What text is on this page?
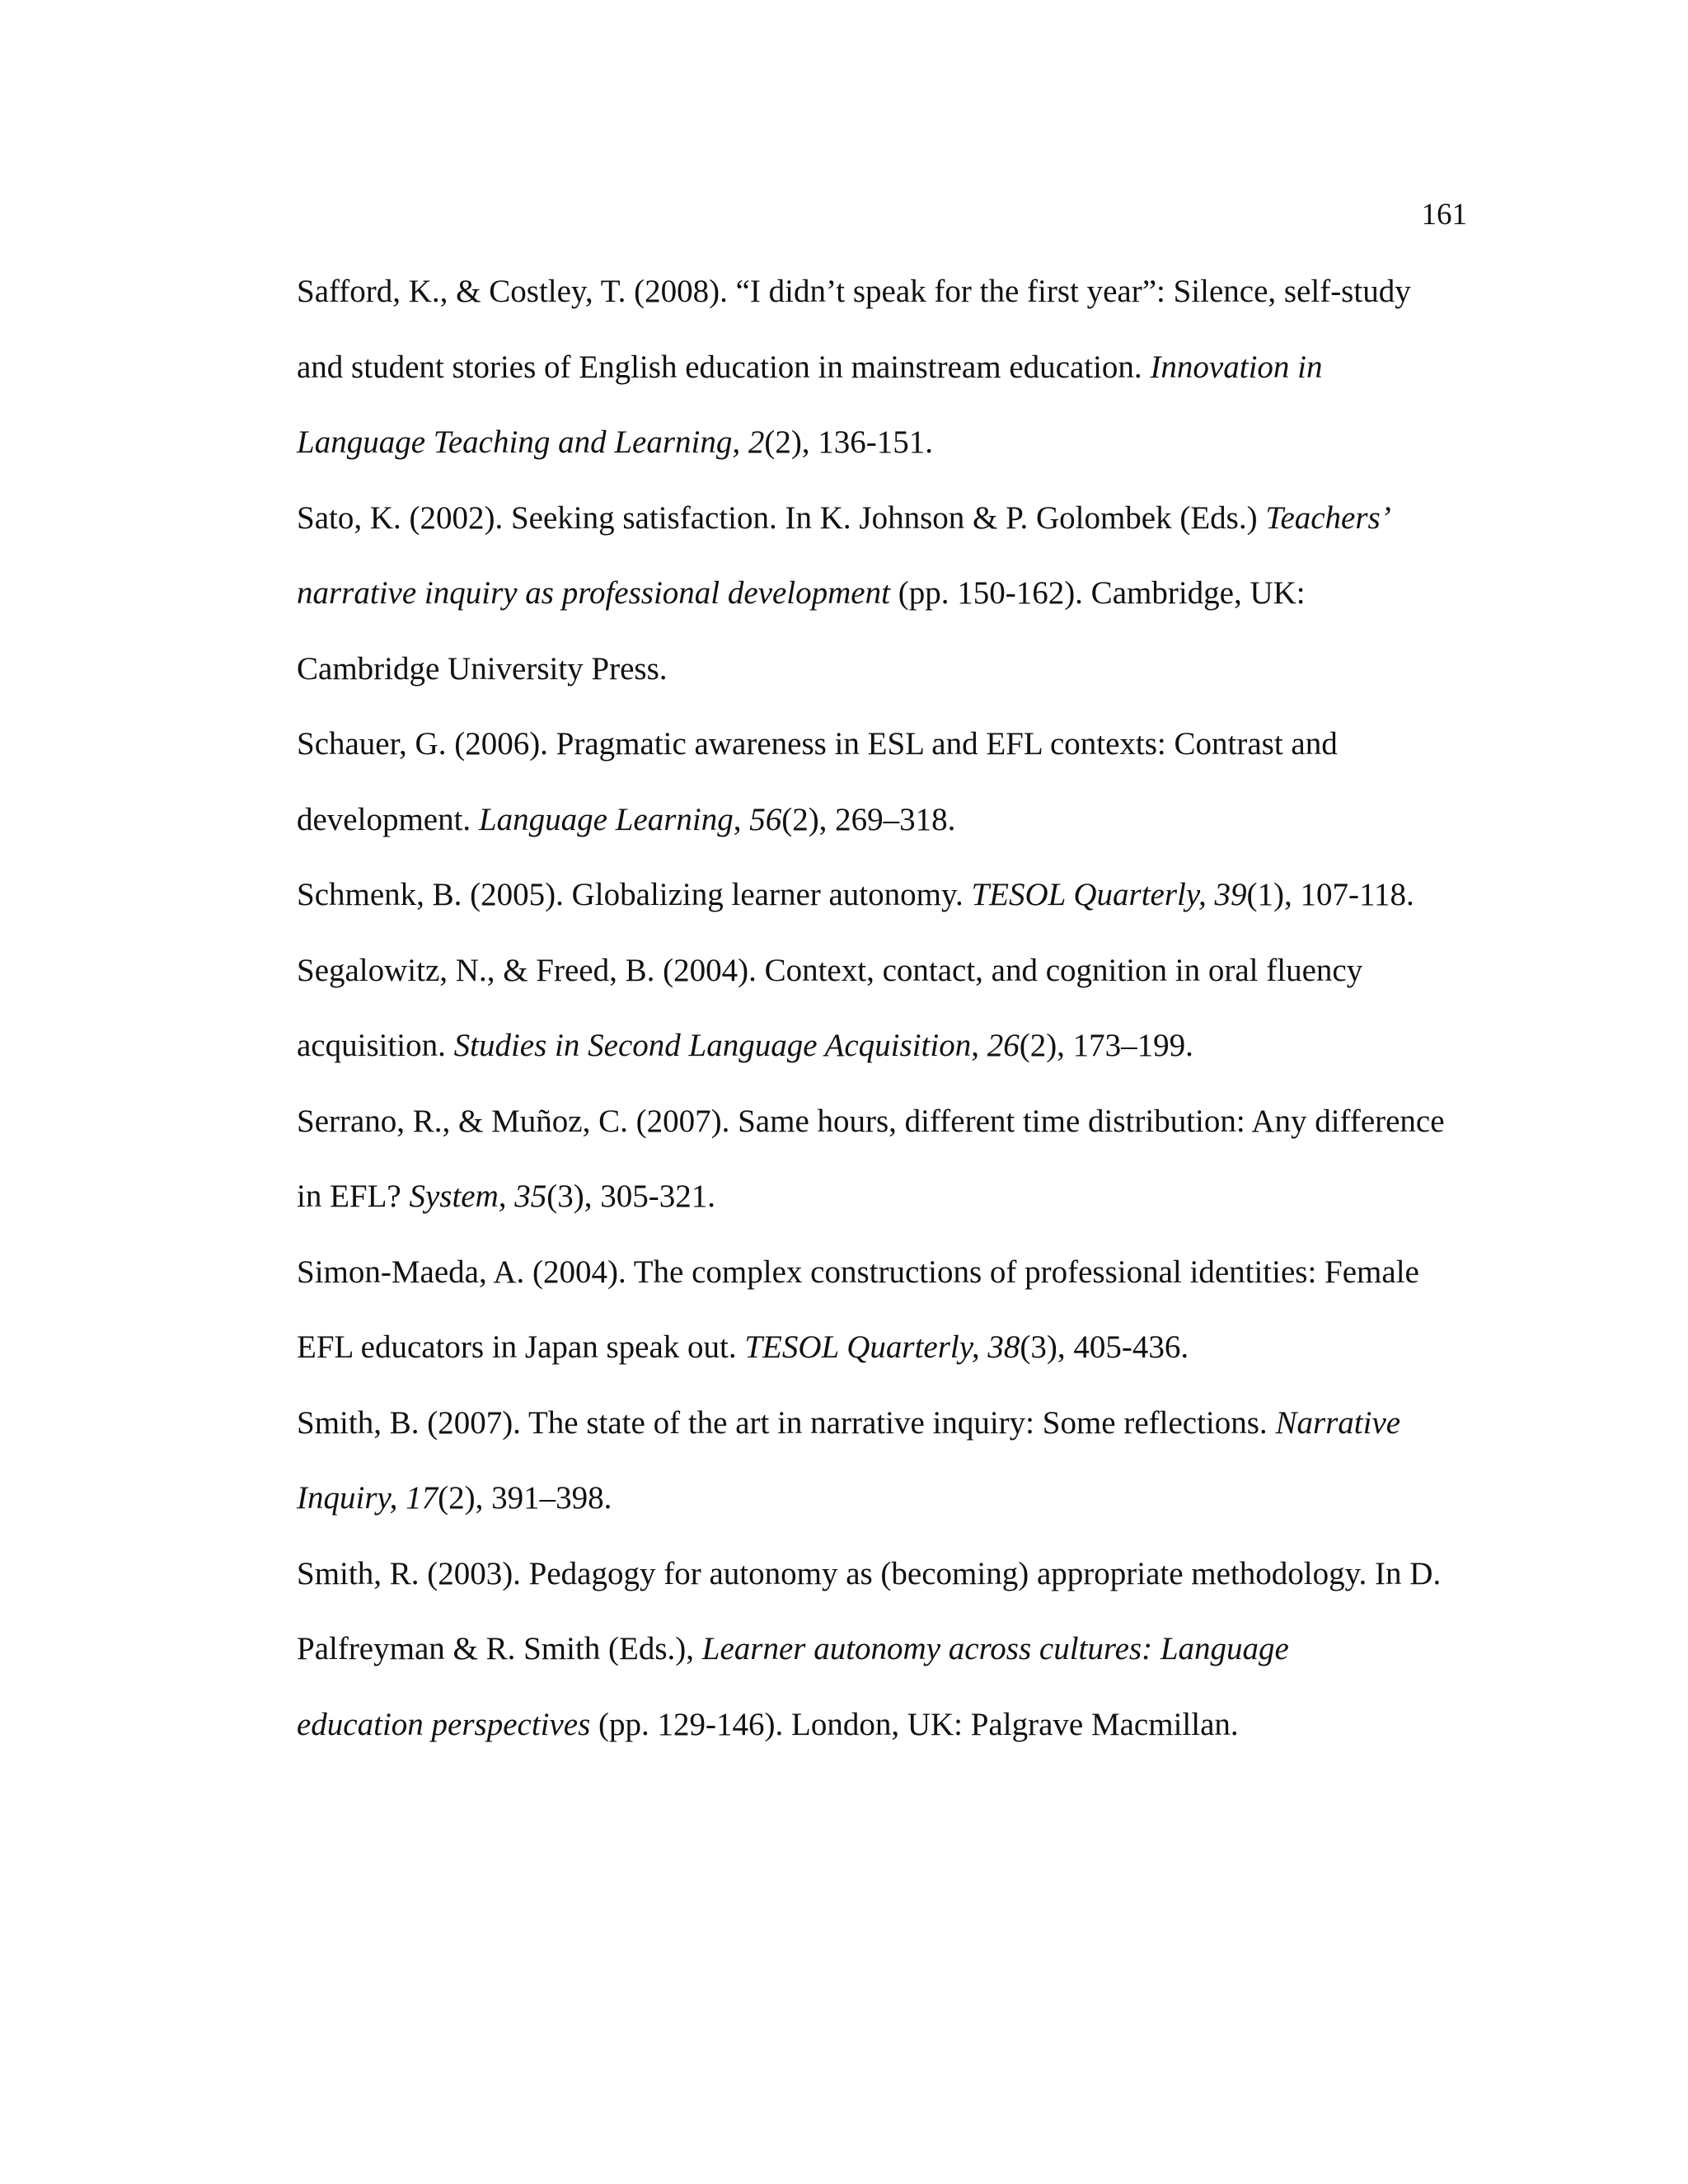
161

Safford, K., & Costley, T. (2008). “I didn’t speak for the first year”: Silence, self-study
and student stories of English education in mainstream education. Innovation in
Language Teaching and Learning, 2(2), 136-151.

Sato, K. (2002). Seeking satisfaction. In K. Johnson & P. Golombek (Eds.) Teachers’
narrative inquiry as professional development (pp. 150-162). Cambridge, UK:
Cambridge University Press.

Schauer, G. (2006). Pragmatic awareness in ESL and EFL contexts: Contrast and
development. Language Learning, 56(2), 269–318.

Schmenk, B. (2005). Globalizing learner autonomy. TESOL Quarterly, 39(1), 107-118.

Segalowitz, N., & Freed, B. (2004). Context, contact, and cognition in oral fluency
acquisition. Studies in Second Language Acquisition, 26(2), 173–199.

Serrano, R., & Muñoz, C. (2007). Same hours, different time distribution: Any difference
in EFL? System, 35(3), 305-321.

Simon-Maeda, A. (2004). The complex constructions of professional identities: Female
EFL educators in Japan speak out. TESOL Quarterly, 38(3), 405-436.

Smith, B. (2007). The state of the art in narrative inquiry: Some reflections. Narrative
Inquiry, 17(2), 391–398.

Smith, R. (2003). Pedagogy for autonomy as (becoming) appropriate methodology. In D.
Palfreyman & R. Smith (Eds.), Learner autonomy across cultures: Language
education perspectives (pp. 129-146). London, UK: Palgrave Macmillan.
